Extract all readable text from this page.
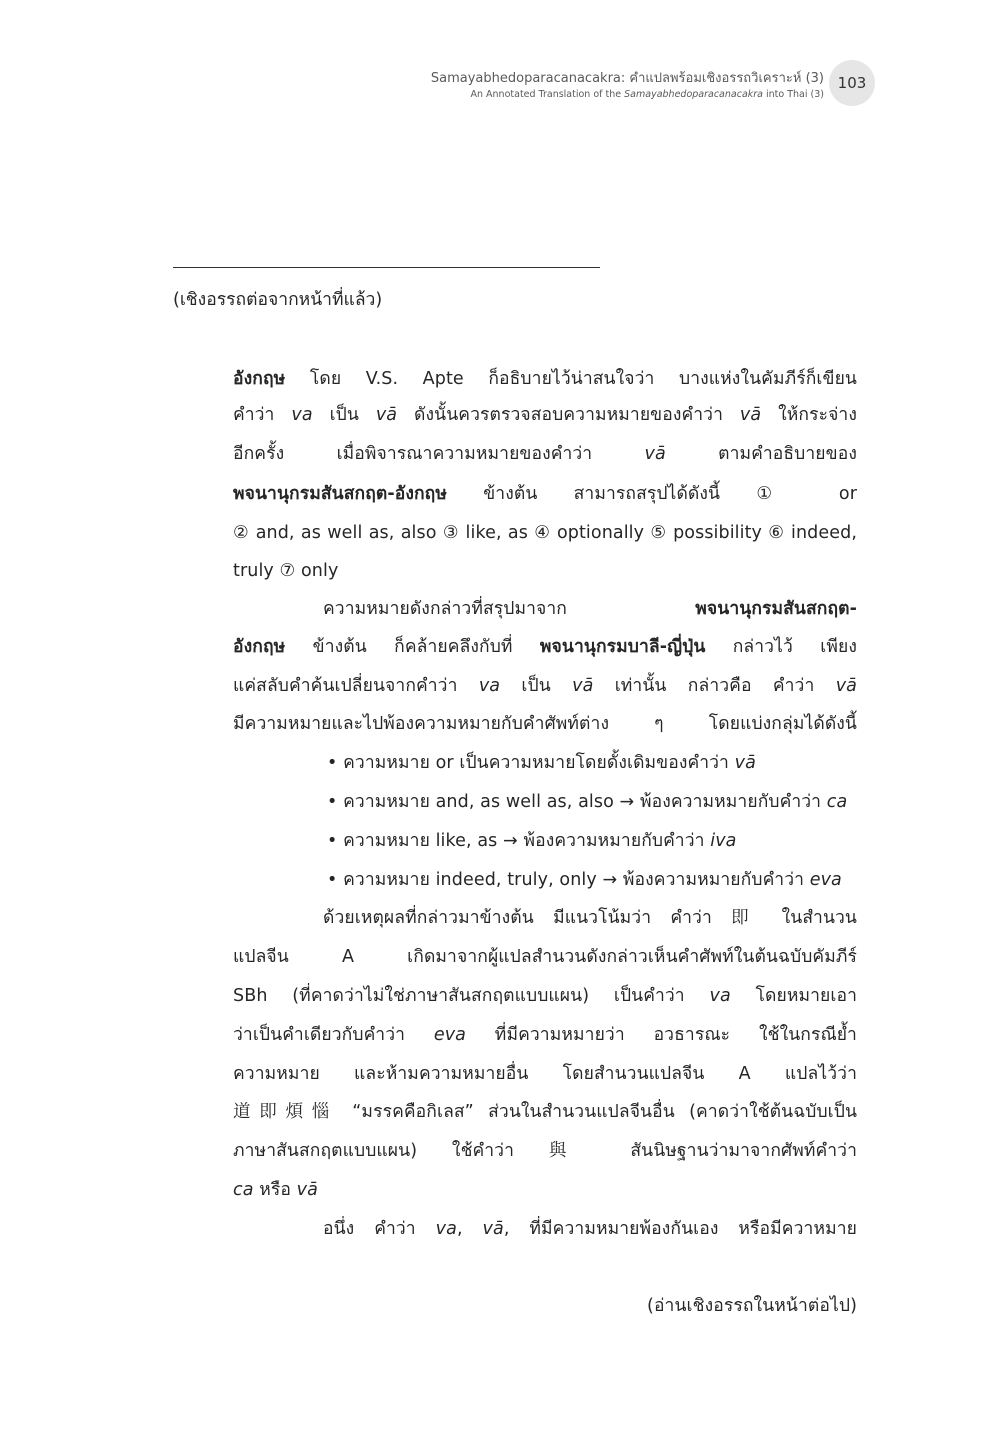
Samayabhedoparacanacakra: คำแปลพร้อมเชิงอรรถวิเคราะห์ (3)
An Annotated Translation of the Samayabhedoparacanacakra into Thai (3)
103
(เชิงอรรถต่อจากหน้าที่แล้ว)
อังกฤษ โดย V.S. Apte ก็อธิบายไว้น่าสนใจว่า บางแห่งในคัมภีร์ก็เขียน
คำว่า va เป็น vā ดังนั้นควรตรวจสอบความหมายของคำว่า vā ให้กระจ่าง
อีกครั้ง เมื่อพิจารณาความหมายของคำว่า vā ตามคำอธิบายของ
พจนานุกรมสันสกฤต-อังกฤษ ข้างต้น สามารถสรุปได้ดังนี้ ① or
② and, as well as, also ③ like, as ④ optionally ⑤ possibility ⑥ indeed,
truly ⑦ only
ความหมายดังกล่าวที่สรุปมาจาก พจนานุกรมสันสกฤต-
อังกฤษ ข้างต้น ก็คล้ายคลึงกับที่ พจนานุกรมบาลี-ญี่ปุ่น กล่าวไว้ เพียง
แค่สลับคำค้นเปลี่ยนจากคำว่า va เป็น vā เท่านั้น กล่าวคือ คำว่า vā
มีความหมายและไปพ้องความหมายกับคำศัพท์ต่าง ๆ โดยแบ่งกลุ่มได้ดังนี้
• ความหมาย or เป็นความหมายโดยดั้งเดิมของคำว่า vā
• ความหมาย and, as well as, also → พ้องความหมายกับคำว่า ca
• ความหมาย like, as → พ้องความหมายกับคำว่า iva
• ความหมาย indeed, truly, only → พ้องความหมายกับคำว่า eva
ด้วยเหตุผลที่กล่าวมาข้างต้น มีแนวโน้มว่า คำว่า 即 ในสำนวน
แปลจีน A เกิดมาจากผู้แปลสำนวนดังกล่าวเห็นคำศัพท์ในต้นฉบับคัมภีร์
SBh (ที่คาดว่าไม่ใช่ภาษาสันสกฤตแบบแผน) เป็นคำว่า va โดยหมายเอา
ว่าเป็นคำเดียวกับคำว่า eva ที่มีความหมายว่า อวธารณะ ใช้ในกรณีย้ำ
ความหมาย และห้ามความหมายอื่น โดยสำนวนแปลจีน A แปลไว้ว่า
道即煩惱 “มรรคคือกิเลส” ส่วนในสำนวนแปลจีนอื่น (คาดว่าใช้ต้นฉบับเป็น
ภาษาสันสกฤตแบบแผน) ใช้คำว่า 與 สันนิษฐานว่ามาจากศัพท์คำว่า
ca หรือ vā
อนึ่ง คำว่า va, vā, ที่มีความหมายพ้องกันเอง หรือมีควาหมาย
(อ่านเชิงอรรถในหน้าต่อไป)
